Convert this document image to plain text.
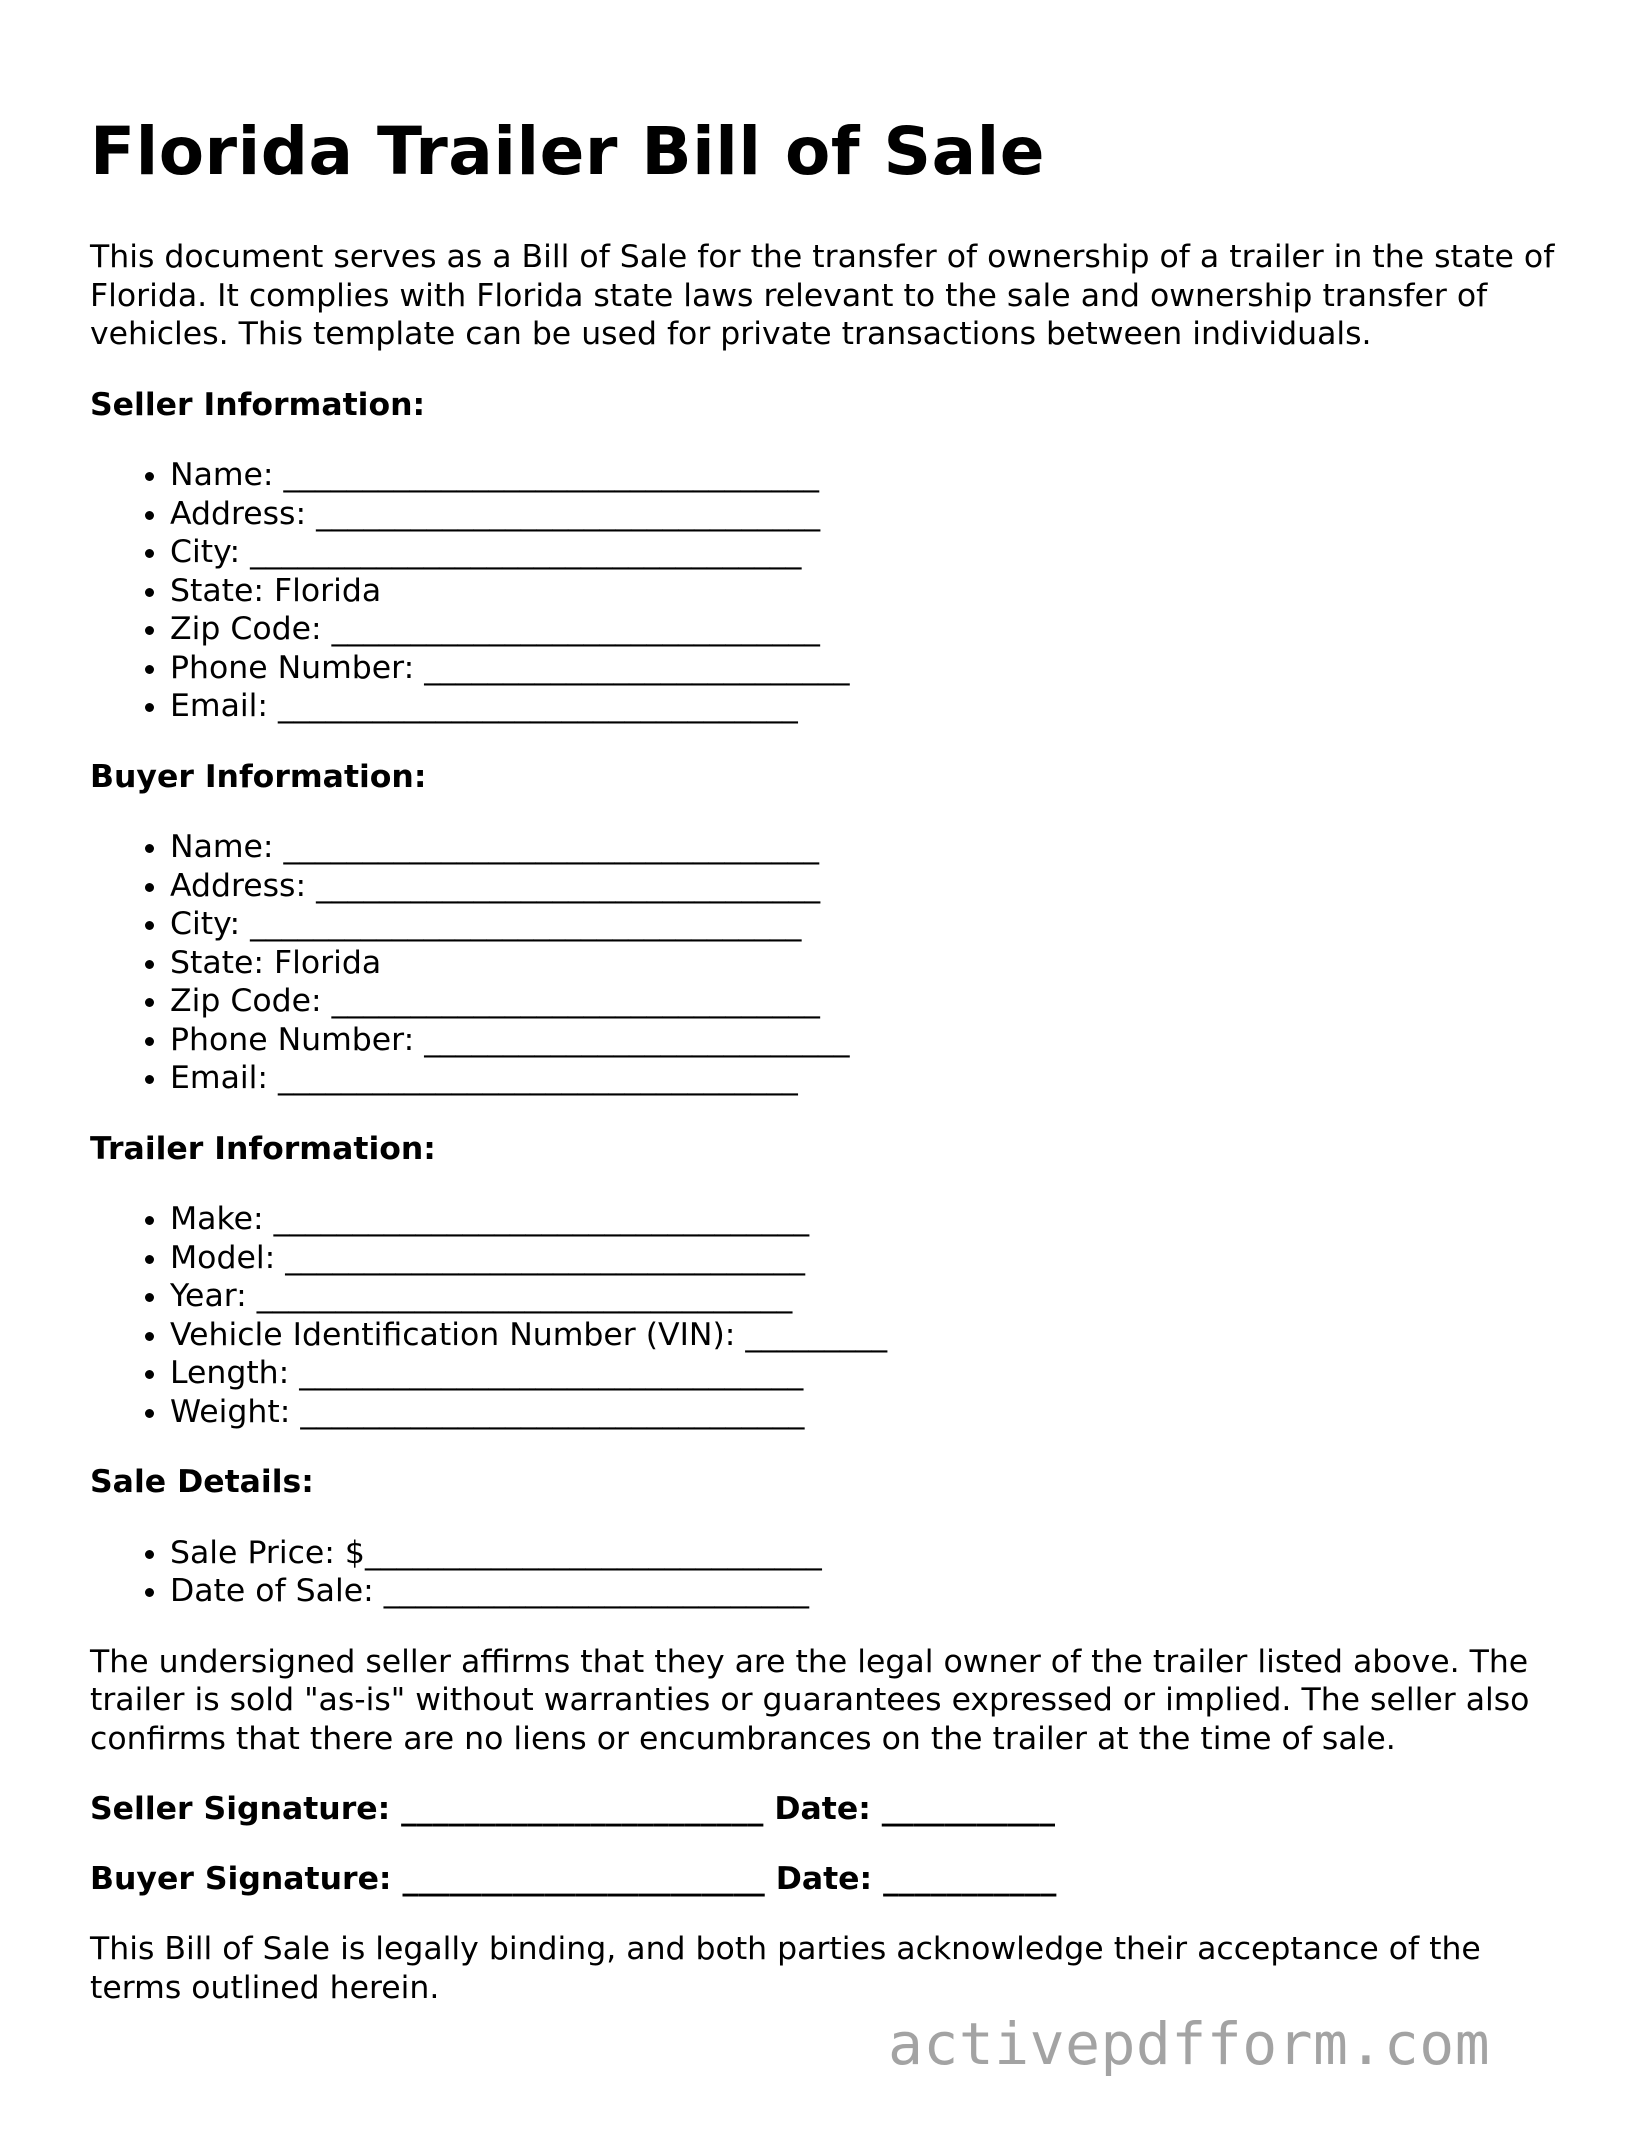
Florida Trailer Bill of Sale

This document serves as a Bill of Sale for the transfer of ownership of a trailer in the state of Florida. It complies with Florida state laws relevant to the sale and ownership transfer of vehicles. This template can be used for private transactions between individuals.

Seller Information:
• Name: __________________________________
• Address: ________________________________
• City: ___________________________________
• State: Florida
• Zip Code: _______________________________
• Phone Number: ___________________________
• Email: _________________________________
Buyer Information:
• Name: __________________________________
• Address: ________________________________
• City: ___________________________________
• State: Florida
• Zip Code: _______________________________
• Phone Number: ___________________________
• Email: _________________________________
Trailer Information:
• Make: __________________________________
• Model: _________________________________
• Year: __________________________________
• Vehicle Identification Number (VIN): _________
• Length: ________________________________
• Weight: ________________________________
Sale Details:
• Sale Price: $_____________________________
• Date of Sale: ___________________________

The undersigned seller affirms that they are the legal owner of the trailer listed above. The trailer is sold "as-is" without warranties or guarantees expressed or implied. The seller also confirms that there are no liens or encumbrances on the trailer at the time of sale.

Seller Signature: _______________________ Date: ___________

Buyer Signature: _______________________ Date: ___________

This Bill of Sale is legally binding, and both parties acknowledge their acceptance of the terms outlined herein.

activepdfform.com
